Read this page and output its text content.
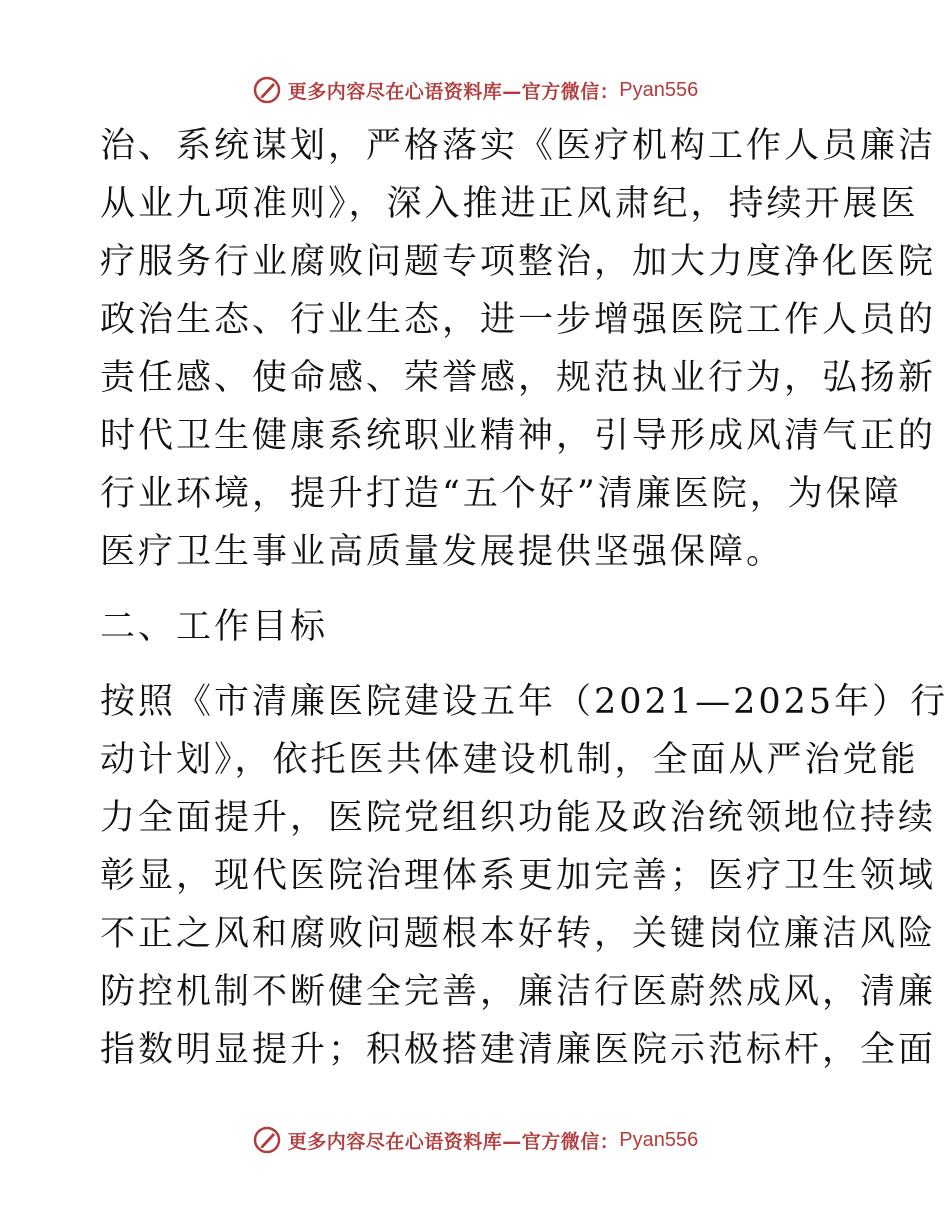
更多内容尽在心语资料库—官方微信： Pyan556
治、系统谋划，严格落实《医疗机构工作人员廉洁
从业九项准则》，深入推进正风肃纪，持续开展医
疗服务行业腐败问题专项整治，加大力度净化医院
政治生态、行业生态，进一步增强医院工作人员的
责任感、使命感、荣誉感，规范执业行为，弘扬新
时代卫生健康系统职业精神，引导形成风清气正的
行业环境，提升打造“五个好”清廉医院，为保障
医疗卫生事业高质量发展提供坚强保障。
二、工作目标
按照《市清廉医院建设五年（2021—2025年）行
动计划》，依托医共体建设机制，全面从严治党能
力全面提升，医院党组织功能及政治统领地位持续
彰显，现代医院治理体系更加完善；医疗卫生领域
不正之风和腐败问题根本好转，关键岗位廉洁风险
防控机制不断健全完善，廉洁行医蔚然成风，清廉
指数明显提升；积极搭建清廉医院示范标杆，全面
更多内容尽在心语资料库—官方微信： Pyan556
